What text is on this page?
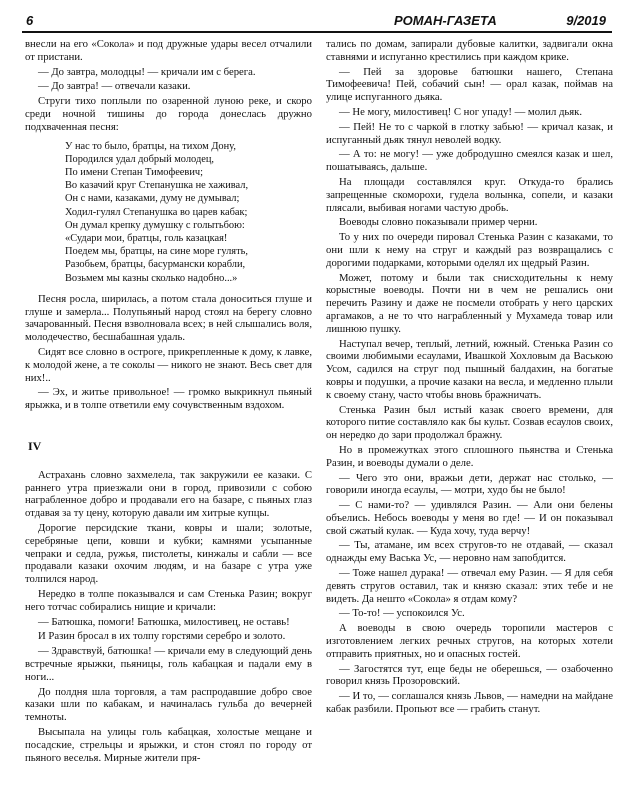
6	РОМАН-ГАЗЕТА	9/2019

внесли на его «Сокола» и под дружные удары весел отчалили от пристани.

— До завтра, молодцы! — кричали им с берега.

— До завтра! — отвечали казаки.

Струги тихо поплыли по озаренной луною реке, и скоро среди ночной тишины до города донеслась дружно подхваченная песня:

У нас то было, братцы, на тихом Дону,
Породился удал добрый молодец,
По имени Степан Тимофеевич;
Во казачий круг Степанушка не хаживал,
Он с нами, казаками, думу не думывал;
Ходил-гулял Степанушка во царев кабак;
Он думал крепку думушку с голытьбою:
«Судари мои, братцы, голь казацкая!
Поедем мы, братцы, на сине море гулять,
Разобьем, братцы, басурмански корабли,
Возьмем мы казны сколько надобно...»

Песня росла, ширилась, а потом стала доноситься глуше и глуше и замерла... Полупьяный народ стоял на берегу словно зачарованный. Песня взволновала всех; в ней слышались воля, молодечество, бесшабашная удаль.

Сидят все словно в остроге, прикрепленные к дому, к лавке, к молодой жене, а те соколы — никого не знают. Весь свет для них!..

— Эх, и житье привольное! — громко выкрикнул пьяный ярыжка, и в толпе ответили ему сочувственным вздохом.

IV

Астрахань словно захмелела, так закружили ее казаки. С раннего утра приезжали они в город, привозили с собою награбленное добро и продавали его на базаре, с пьяных глаз отдавая за ту цену, которую давали им хитрые купцы.

Дорогие персидские ткани, ковры и шали; золотые, серебряные цепи, ковши и кубки; камнями усыпанные чепраки и седла, ружья, пистолеты, кинжалы и сабли — все продавали казаки охочим людям, и на базаре с утра уже толпился народ.

Нередко в толпе показывался и сам Стенька Разин; вокруг него тотчас собирались нищие и кричали:

— Батюшка, помоги! Батюшка, милостивец, не оставь!

И Разин бросал в их толпу горстями серебро и золото.

— Здравствуй, батюшка! — кричали ему в следующий день встречные ярыжки, пьяницы, голь кабацкая и падали ему в ноги...

До полдня шла торговля, а там распродавшие добро свое казаки шли по кабакам, и начиналась гульба до вечерней темноты.

Высыпала на улицы голь кабацкая, холостые мещане и посадские, стрельцы и ярыжки, и стон стоял по городу от пьяного веселья. Мирные жители пря-

тались по домам, запирали дубовые калитки, задвигали окна ставнями и испуганно крестились при каждом крике.

— Пей за здоровье батюшки нашего, Степана Тимофеевича! Пей, собачий сын! — орал казак, поймав на улице испуганного дьяка.

— Не могу, милостивец! С ног упаду! — молил дьяк.

— Пей! Не то с чаркой в глотку забью! — кричал казак, и испуганный дьяк тянул неволей водку.

— А то: не могу! — уже добродушно смеялся казак и шел, пошатываясь, дальше.

На площади составлялся круг. Откуда-то брались запрещенные скоморохи, гудела волынка, сопели, и казаки плясали, выбивая ногами частую дробь.

Воеводы словно показывали пример черни.

То у них по очереди пировал Стенька Разин с казаками, то они шли к нему на струг и каждый раз возвращались с дорогими подарками, которыми оделял их щедрый Разин.

Может, потому и были так снисходительны к нему корыстные воеводы. Почти ни в чем не решались они перечить Разину и даже не посмели отобрать у него царских аргамаков, а не то что награбленный у Мухамеда товар или лишнюю пушку.

Наступал вечер, теплый, летний, южный. Стенька Разин со своими любимыми есаулами, Ивашкой Хохловым да Ваською Усом, садился на струг под пышный балдахин, на богатые ковры и подушки, а прочие казаки на весла, и медленно плыли к своему стану, часто чтобы вновь бражничать.

Стенька Разин был истый казак своего времени, для которого питие составляло как бы культ. Созвав есаулов своих, он нередко до зари продолжал бражну.

Но в промежутках этого сплошного пьянства и Стенька Разин, и воеводы думали о деле.

— Чего это они, вражьи дети, держат нас столько, — говорили иногда есаулы, — мотри, худо бы не было!

— С нами-то? — удивлялся Разин. — Али они белены объелись. Небось воеводы у меня во где! — И он показывал свой сжатый кулак. — Куда хочу, туда верчу!

— Ты, атамане, им всех стругов-то не отдавай, — сказал однажды ему Васька Ус, — неровно нам запобдится.

— Тоже нашел дурака! — отвечал ему Разин. — Я для себя девять стругов оставил, так и князю сказал: этих тебе и не видеть. Да нешто «Сокола» я отдам кому?

— То-то! — успокоился Ус.

А воеводы в свою очередь торопили мастеров с изготовлением легких речных стругов, на которых хотели отправить приятных, но и опасных гостей.

— Загостятся тут, еще беды не оберешься, — озабоченно говорил князь Прозоровский.

— И то, — соглашался князь Львов, — намедни на майдане кабак разбили. Пропьют все — грабить станут.
